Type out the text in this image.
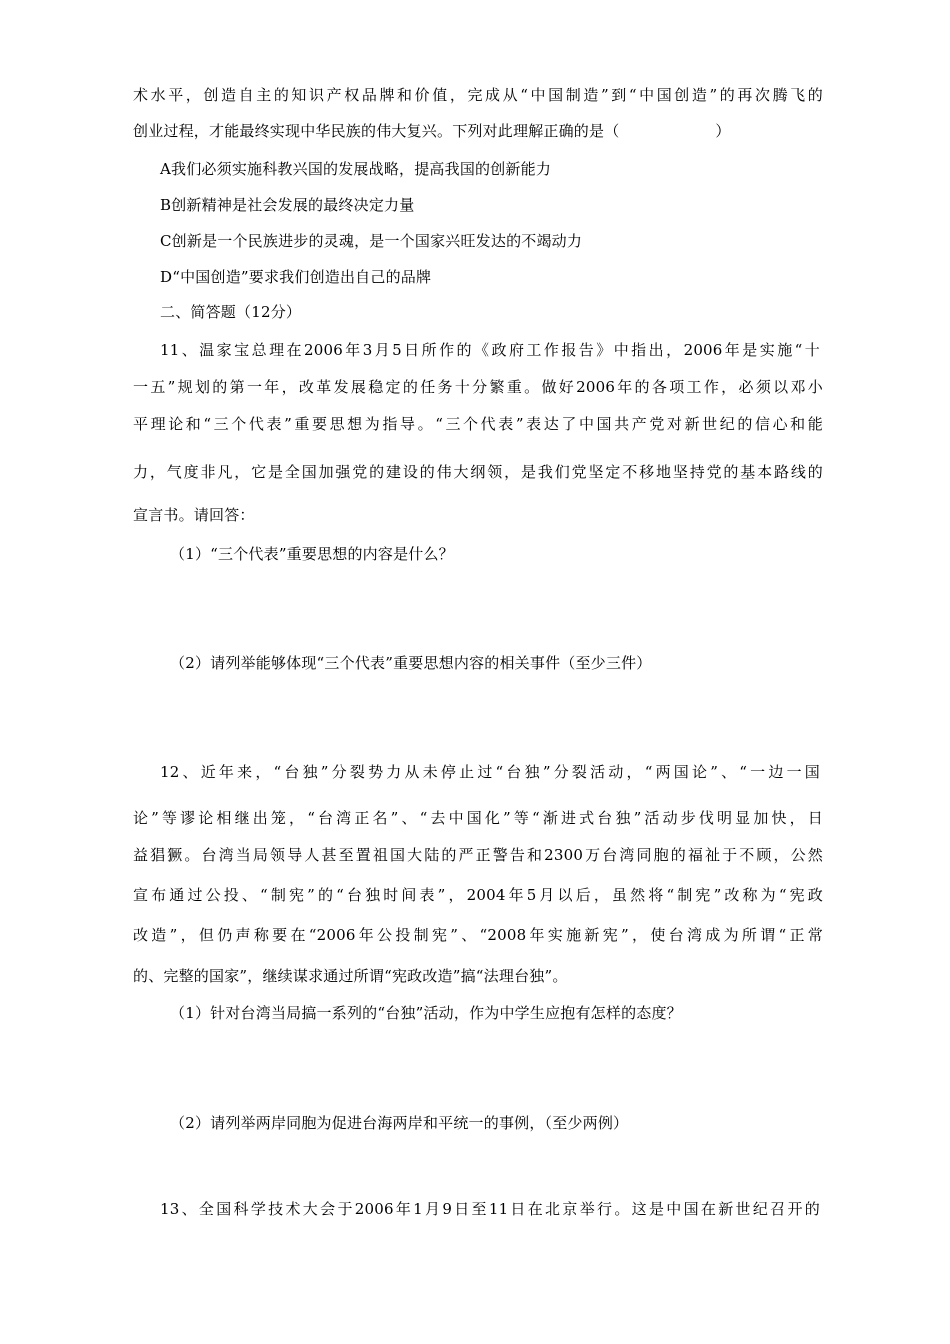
术水平，创造自主的知识产权品牌和价值，完成从“中国制造”到“中国创造”的再次腾飞的
创业过程，才能最终实现中华民族的伟大复兴。下列对此理解正确的是（	）
A我们必须实施科教兴国的发展战略，提高我国的创新能力
B创新精神是社会发展的最终决定力量
C创新是一个民族进步的灵魂，是一个国家兴旺发达的不竭动力
D“中国创造”要求我们创造出自己的品牌
二、简答题（12分）
11、温家宝总理在2006年3月5日所作的《政府工作报告》中指出，2006年是实施“十
一五”规划的第一年，改革发展稳定的任务十分繁重。做好2006年的各项工作，必须以邓小
平理论和“三个代表”重要思想为指导。“三个代表”表达了中国共产党对新世纪的信心和能
力，气度非凡，它是全国加强党的建设的伟大纲领，是我们党坚定不移地坚持党的基本路线的
宣言书。请回答：
（1）“三个代表”重要思想的内容是什么？
（2）请列举能够体现“三个代表”重要思想内容的相关事件（至少三件）
12、近年来，“台独”分裂势力从未停止过“台独”分裂活动，“两国论”、“一边一国
论”等谬论相继出笼，“台湾正名”、“去中国化”等“渐进式台独”活动步伐明显加快，日
益猖獗。台湾当局领导人甚至置祖国大陆的严正警告和2300万台湾同胞的福祉于不顾，公然
宣布通过公投、“制宪”的“台独时间表”，2004年5月以后，虽然将“制宪”改称为“宪政
改造”，但仍声称要在“2006年公投制宪”、“2008年实施新宪”，使台湾成为所谓“正常
的、完整的国家”，继续谋求通过所谓“宪政改造”搞“法理台独”。
（1）针对台湾当局搞一系列的“台独”活动，作为中学生应抱有怎样的态度？
（2）请列举两岸同胞为促进台海两岸和平统一的事例，（至少两例）
13、全国科学技术大会于2006年1月9日至11日在北京举行。这是中国在新世纪召开的
